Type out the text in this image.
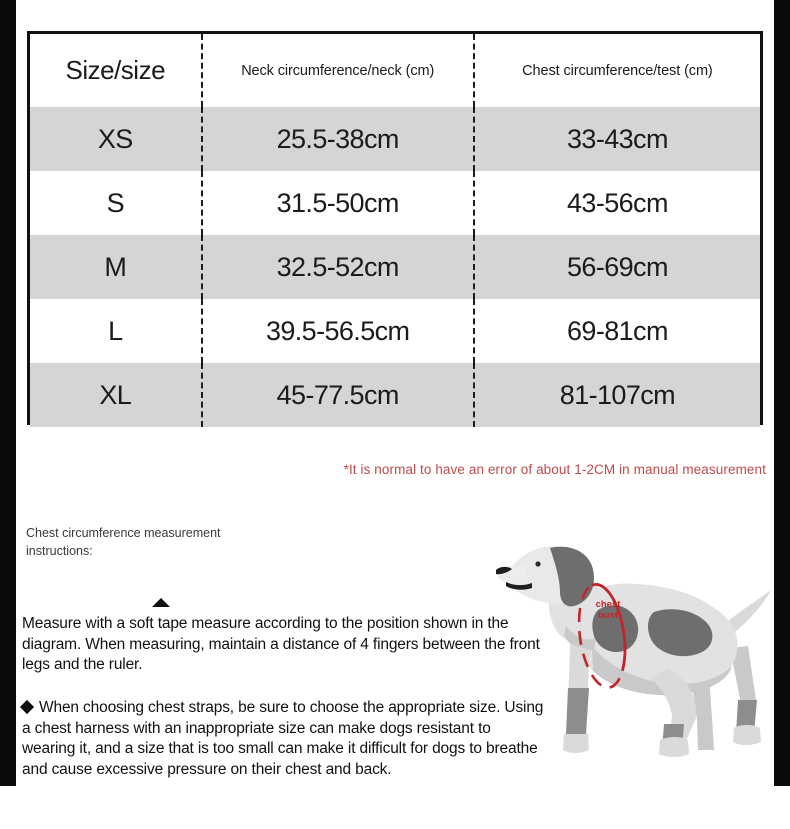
Size/size	Neck circumference/neck (cm)	Chest circumference/test (cm)
XS	25.5-38cm	33-43cm
S	31.5-50cm	43-56cm
M	32.5-52cm	56-69cm
L	39.5-56.5cm	69-81cm
XL	45-77.5cm	81-107cm
*It is normal to have an error of about 1-2CM in manual measurement

Chest circumference measurement instructions:

Measure with a soft tape measure according to the position shown in the diagram. When measuring, maintain a distance of 4 fingers between the front legs and the ruler.

When choosing chest straps, be sure to choose the appropriate size. Using a chest harness with an inappropriate size can make dogs resistant to wearing it, and a size that is too small can make it difficult for dogs to breathe and cause excessive pressure on their chest and back.

chest
bust
